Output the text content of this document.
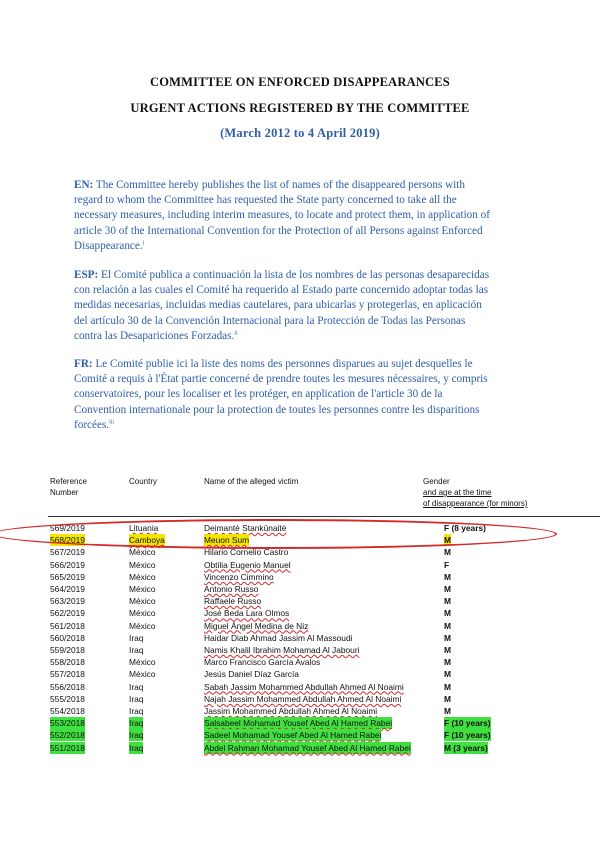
COMMITTEE ON ENFORCED DISAPPEARANCES
URGENT ACTIONS REGISTERED BY THE COMMITTEE
(March 2012 to 4 April 2019)
EN: The Committee hereby publishes the list of names of the disappeared persons with
regard to whom the Committee has requested the State party concerned to take all the
necessary measures, including interim measures, to locate and protect them, in application of
article 30 of the International Convention for the Protection of all Persons against Enforced
Disappearance.$^i$
ESP: El Comité publica a continuación la lista de los nombres de las personas desaparecidas
con relación a las cuales el Comité ha requerido al Estado parte concernido adoptar todas las
medidas necesarias, incluidas medias cautelares, para ubicarlas y protegerlas, en aplicación
del artículo 30 de la Convención Internacional para la Protección de Todas las Personas
contra las Desapariciones Forzadas.$^{ii}$
FR: Le Comité publie ici la liste des noms des personnes disparues au sujet desquelles le
Comité a requis à l'État partie concerné de prendre toutes les mesures nécessaires, y compris
conservatoires, pour les localiser et les protéger, en application de l'article 30 de la
Convention internationale pour la protection de toutes les personnes contre les disparitions
forcées.$^{iii}$
Reference
Number
Country	Name of the alleged victim	Gender
and age at the time
of disappearance (for minors)
569/2019	Lituania	Deimantė Stankūnaitė	F (8 years)
568/2019	Camboya	Meuon Sum	M
567/2019	México	Hilario Cornelio Castro	M
566/2019	México	Obtilia Eugenio Manuel	F
565/2019	México	Vincenzo Cimmino	M
564/2019	México	Antonio Russo	M
563/2019	México	Raffaele Russo	M
562/2019	México	José Beda Lara Olmos	M
561/2018	México	Miguel Ángel Medina de Niz	M
560/2018	Iraq	Haidar Diab Ahmad Jassim Al Massoudi	M
559/2018	Iraq	Namis Khalil Ibrahim Mohamad Al Jabouri	M
558/2018	México	Marco Francisco García Avalos	M
557/2018	México	Jesús Daniel Díaz García	M
556/2018	Iraq	Sabah Jassim Mohammed Abdullah Ahmed Al Noaimi	M
555/2018	Iraq	Najah Jassim Mohammed Abdullah Ahmed Al Noaimi	M
554/2018	Iraq	Jassim Mohammed Abdullah Ahmed Al Noaimi	M
553/2018	Iraq	Salsabeel Mohamad Yousef Abed Al Hamed Rabei	F (10 years)
552/2018	Iraq	Sadeel Mohamad Yousef Abed Al Hamed Rabei	F (10 years)
551/2018	Iraq	Abdel Rahman Mohamad Yousef Abed Al Hamed Rabei	M (3 years)
